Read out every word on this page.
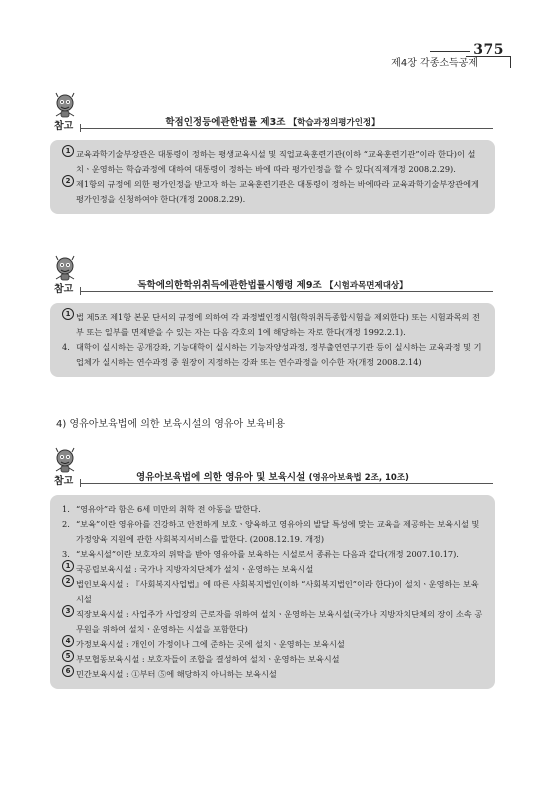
375
제4장 각종소득공제
참고	학점인정등에관한법률 제3조 【학습과정의평가인정】
1 교육과학기술부장관은 대통령이 정하는 평생교육시설 및 직업교육훈련기관(이하 “교육훈련기관”이라 한다)이 설치ㆍ운영하는 학습과정에 대하여 대통령이 정하는 바에 따라 평가인정을 할 수 있다(직제개정 2008.2.29).
2 제1항의 규정에 의한 평가인정을 받고자 하는 교육훈련기관은 대통령이 정하는 바에따라 교육과학기술부장관에게 평가인정을 신청하여야 한다(개정 2008.2.29).
참고	독학에의한학위취득에관한법률시행령 제9조 【시험과목면제대상】
1 법 제5조 제1항 본문 단서의 규정에 의하여 각 과정별인정시험(학위취득종합시험을 제외한다) 또는 시험과목의 전부 또는 일부를 면제받을 수 있는 자는 다음 각호의 1에 해당하는 자로 한다(개정 1992.2.1).
4. 대학이 실시하는 공개강좌, 기능대학이 실시하는 기능자양성과정, 정부출연연구기관 등이 실시하는 교육과정 및 기업체가 실시하는 연수과정 중 원장이 지정하는 강좌 또는 연수과정을 이수한 자(개정 2008.2.14)
4) 영유아보육법에 의한 보육시설의 영유아 보육비용
참고	영유아보육법에 의한 영유아 및 보육시설 (영유아보육법 2조, 10조)
1. “영유아”라 함은 6세 미만의 취학 전 아동을 말한다.
2. “보육”이란 영유아를 건강하고 안전하게 보호ㆍ양육하고 영유아의 발달 특성에 맞는 교육을 제공하는 보육시설 및 가정양육 지원에 관한 사회복지서비스를 말한다. (2008.12.19. 개정)
3. “보육시설”이란 보호자의 위탁을 받아 영유아를 보육하는 시설로서 종류는 다음과 같다(개정 2007.10.17).
1 국공립보육시설 : 국가나 지방자치단체가 설치ㆍ운영하는 보육시설
2 법인보육시설 : 『사회복지사업법』에 따른 사회복지법인(이하 “사회복지법인”이라 한다)이 설치ㆍ운영하는 보육시설
3 직장보육시설 : 사업주가 사업장의 근로자를 위하여 설치ㆍ운영하는 보육시설(국가나 지방자치단체의 장이 소속 공무원을 위하여 설치ㆍ운영하는 시설을 포함한다)
4 가정보육시설 : 개인이 가정이나 그에 준하는 곳에 설치ㆍ운영하는 보육시설
5 부모협동보육시설 : 보호자들이 조합을 결성하여 설치ㆍ운영하는 보육시설
6 민간보육시설 : ①부터 ⑤에 해당하지 아니하는 보육시설
